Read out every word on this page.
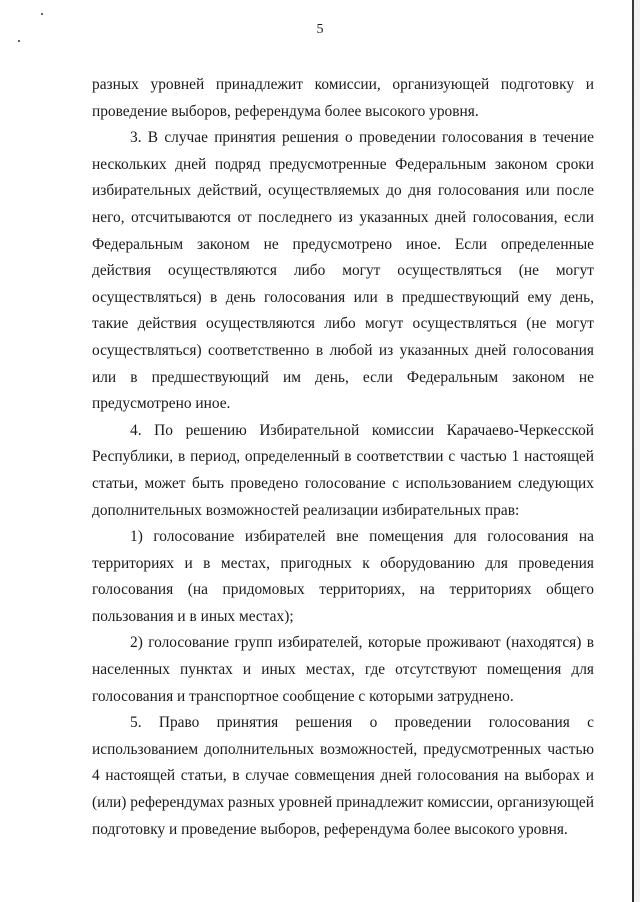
5

разных уровней принадлежит комиссии, организующей подготовку и проведение выборов, референдума более высокого уровня.

3. В случае принятия решения о проведении голосования в течение нескольких дней подряд предусмотренные Федеральным законом сроки избирательных действий, осуществляемых до дня голосования или после него, отсчитываются от последнего из указанных дней голосования, если Федеральным законом не предусмотрено иное. Если определенные действия осуществляются либо могут осуществляться (не могут осуществляться) в день голосования или в предшествующий ему день, такие действия осуществляются либо могут осуществляться (не могут осуществляться) соответственно в любой из указанных дней голосования или в предшествующий им день, если Федеральным законом не предусмотрено иное.

4. По решению Избирательной комиссии Карачаево-Черкесской Республики, в период, определенный в соответствии с частью 1 настоящей статьи, может быть проведено голосование с использованием следующих дополнительных возможностей реализации избирательных прав:

1) голосование избирателей вне помещения для голосования на территориях и в местах, пригодных к оборудованию для проведения голосования (на придомовых территориях, на территориях общего пользования и в иных местах);

2) голосование групп избирателей, которые проживают (находятся) в населенных пунктах и иных местах, где отсутствуют помещения для голосования и транспортное сообщение с которыми затруднено.

5. Право принятия решения о проведении голосования с использованием дополнительных возможностей, предусмотренных частью 4 настоящей статьи, в случае совмещения дней голосования на выборах и (или) референдумах разных уровней принадлежит комиссии, организующей подготовку и проведение выборов, референдума более высокого уровня.
